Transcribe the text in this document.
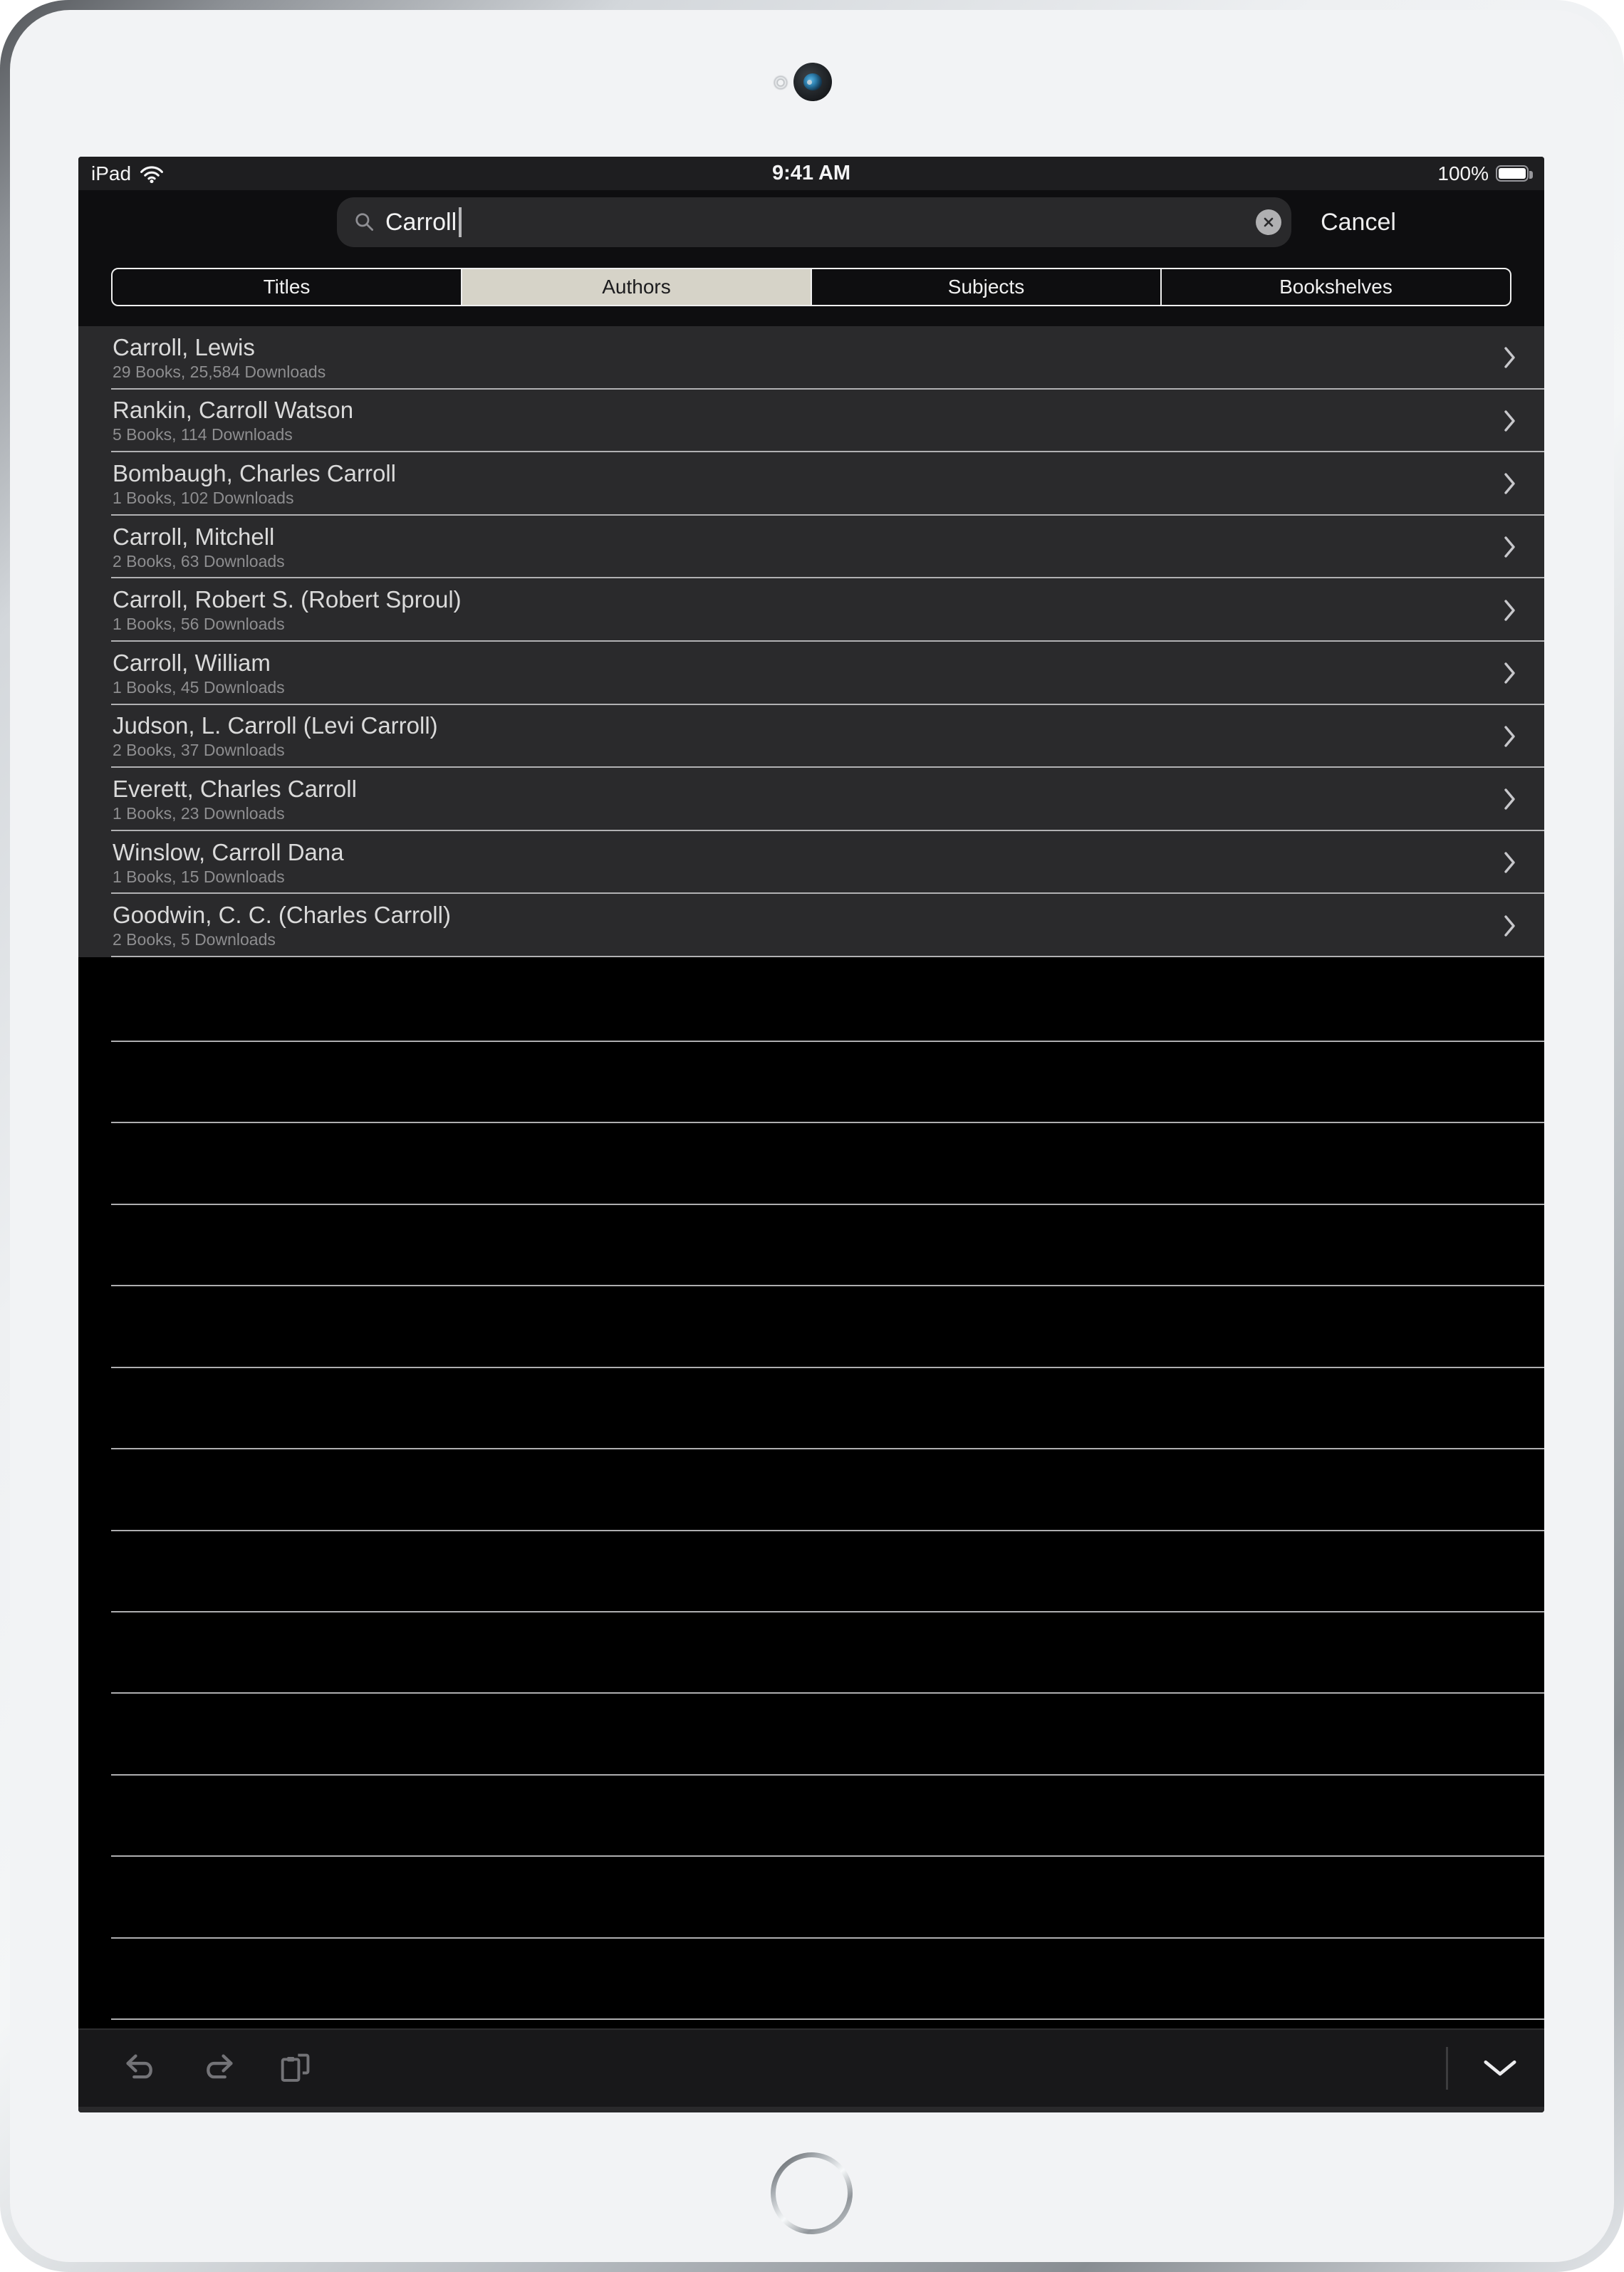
iPad	9:41 AM	100%
Carroll	Cancel
Titles	Authors	Subjects	Bookshelves
Carroll, Lewis
29 Books, 25,584 Downloads
Rankin, Carroll Watson
5 Books, 114 Downloads
Bombaugh, Charles Carroll
1 Books, 102 Downloads
Carroll, Mitchell
2 Books, 63 Downloads
Carroll, Robert S. (Robert Sproul)
1 Books, 56 Downloads
Carroll, William
1 Books, 45 Downloads
Judson, L. Carroll (Levi Carroll)
2 Books, 37 Downloads
Everett, Charles Carroll
1 Books, 23 Downloads
Winslow, Carroll Dana
1 Books, 15 Downloads
Goodwin, C. C. (Charles Carroll)
2 Books, 5 Downloads
